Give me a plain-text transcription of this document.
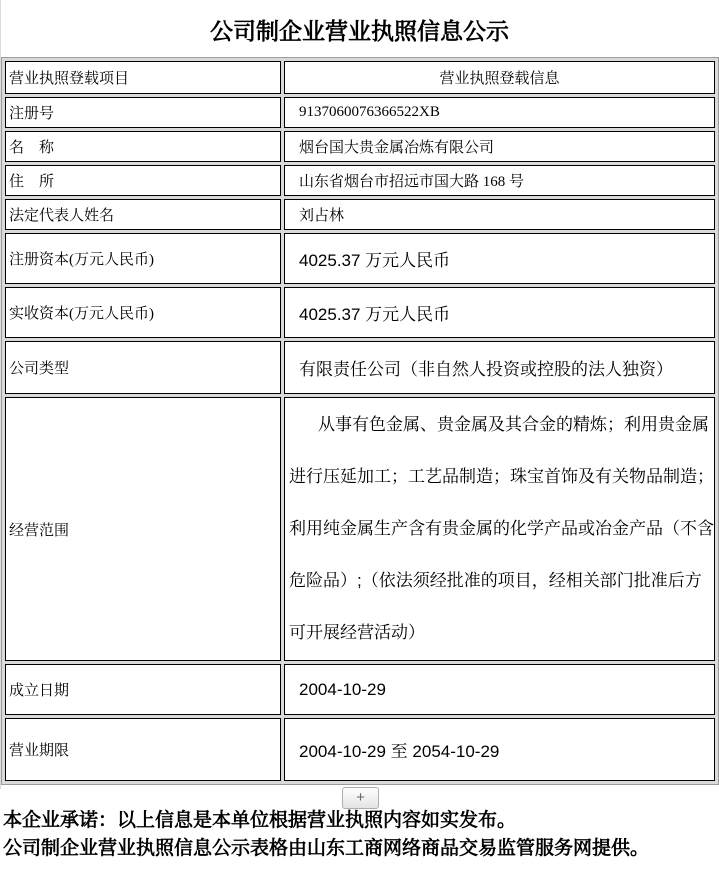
公司制企业营业执照信息公示
营业执照登载项目	营业执照登载信息
注册号	9137060076366522XB
名　称	烟台国大贵金属冶炼有限公司
住　所	山东省烟台市招远市国大路 168 号
法定代表人姓名	刘占林
注册资本(万元人民币)	4025.37 万元人民币
实收资本(万元人民币)	4025.37 万元人民币
公司类型	有限责任公司（非自然人投资或控股的法人独资）
经营范围	从事有色金属、贵金属及其合金的精炼；利用贵金属进行压延加工；工艺品制造；珠宝首饰及有关物品制造；利用纯金属生产含有贵金属的化学产品或冶金产品（不含危险品）;（依法须经批准的项目，经相关部门批准后方可开展经营活动）
成立日期	2004-10-29
营业期限	2004-10-29 至 2054-10-29
+
本企业承诺：以上信息是本单位根据营业执照内容如实发布。
公司制企业营业执照信息公示表格由山东工商网络商品交易监管服务网提供。
